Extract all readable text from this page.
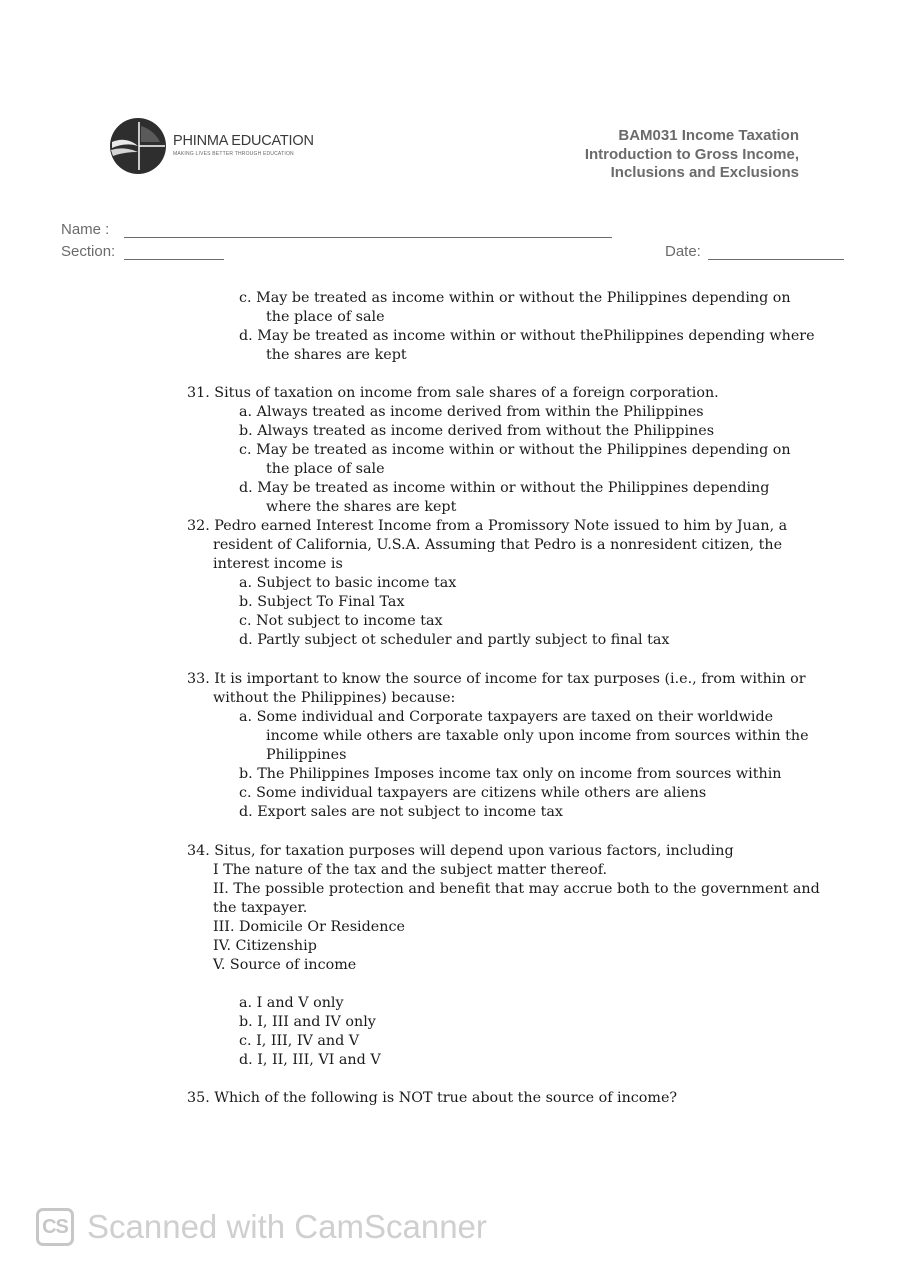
PHINMA EDUCATION
MAKING LIVES BETTER THROUGH EDUCATION
BAM031 Income Taxation
Introduction to Gross Income,
Inclusions and Exclusions
Name :
Section:	Date:
c. May be treated as income within or without the Philippines depending on
the place of sale
d. May be treated as income within or without thePhilippines depending where
the shares are kept
31. Situs of taxation on income from sale shares of a foreign corporation.
a. Always treated as income derived from within the Philippines
b. Always treated as income derived from without the Philippines
c. May be treated as income within or without the Philippines depending on
the place of sale
d. May be treated as income within or without the Philippines depending
where the shares are kept
32. Pedro earned Interest Income from a Promissory Note issued to him by Juan, a
resident of California, U.S.A. Assuming that Pedro is a nonresident citizen, the
interest income is
a. Subject to basic income tax
b. Subject To Final Tax
c. Not subject to income tax
d. Partly subject ot scheduler and partly subject to final tax
33. It is important to know the source of income for tax purposes (i.e., from within or
without the Philippines) because:
a. Some individual and Corporate taxpayers are taxed on their worldwide
income while others are taxable only upon income from sources within the
Philippines
b. The Philippines Imposes income tax only on income from sources within
c. Some individual taxpayers are citizens while others are aliens
d. Export sales are not subject to income tax
34. Situs, for taxation purposes will depend upon various factors, including
I The nature of the tax and the subject matter thereof.
II. The possible protection and benefit that may accrue both to the government and
the taxpayer.
III. Domicile Or Residence
IV. Citizenship
V. Source of income
a. I and V only
b. I, III and IV only
c. I, III, IV and V
d. I, II, III, VI and V
35. Which of the following is NOT true about the source of income?
CS Scanned with CamScanner
